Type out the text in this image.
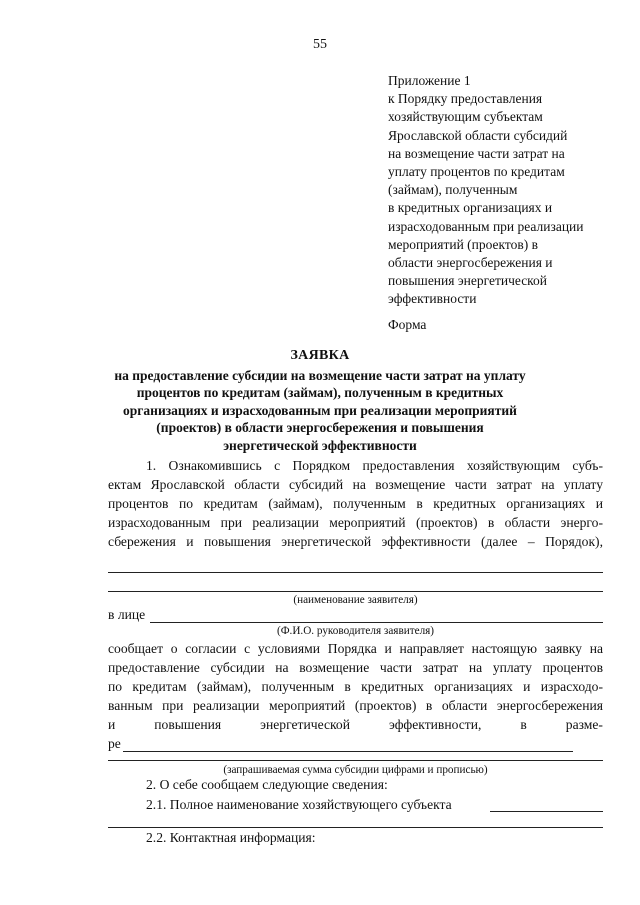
55
Приложение 1
к Порядку предоставления
хозяйствующим субъектам
Ярославской области субсидий
на возмещение части затрат на
уплату процентов по кредитам
(займам), полученным
в кредитных организациях и
израсходованным при реализации
мероприятий (проектов) в
области энергосбережения и
повышения энергетической
эффективности
Форма
ЗАЯВКА
на предоставление субсидии на возмещение части затрат на уплату
процентов по кредитам (займам), полученным в кредитных
организациях и израсходованным при реализации мероприятий
(проектов) в области энергосбережения и повышения
энергетической эффективности
1. Ознакомившись с Порядком предоставления хозяйствующим субъ-
ектам Ярославской области субсидий на возмещение части затрат на уплату
процентов по кредитам (займам), полученным в кредитных организациях и
израсходованным при реализации мероприятий (проектов) в области энерго-
сбережения и повышения энергетической эффективности (далее – Порядок),
(наименование заявителя)
в лице
(Ф.И.О. руководителя заявителя)
сообщает о согласии с условиями Порядка и направляет настоящую заявку на
предоставление субсидии на возмещение части затрат на уплату процентов
по кредитам (займам), полученным в кредитных организациях и израсходо-
ванным при реализации мероприятий (проектов) в области энергосбережения
и	повышения	энергетической	эффективности,	в	разме-
ре
(запрашиваемая сумма субсидии цифрами и прописью)
2. О себе сообщаем следующие сведения:
2.1. Полное наименование хозяйствующего субъекта
2.2. Контактная информация:
